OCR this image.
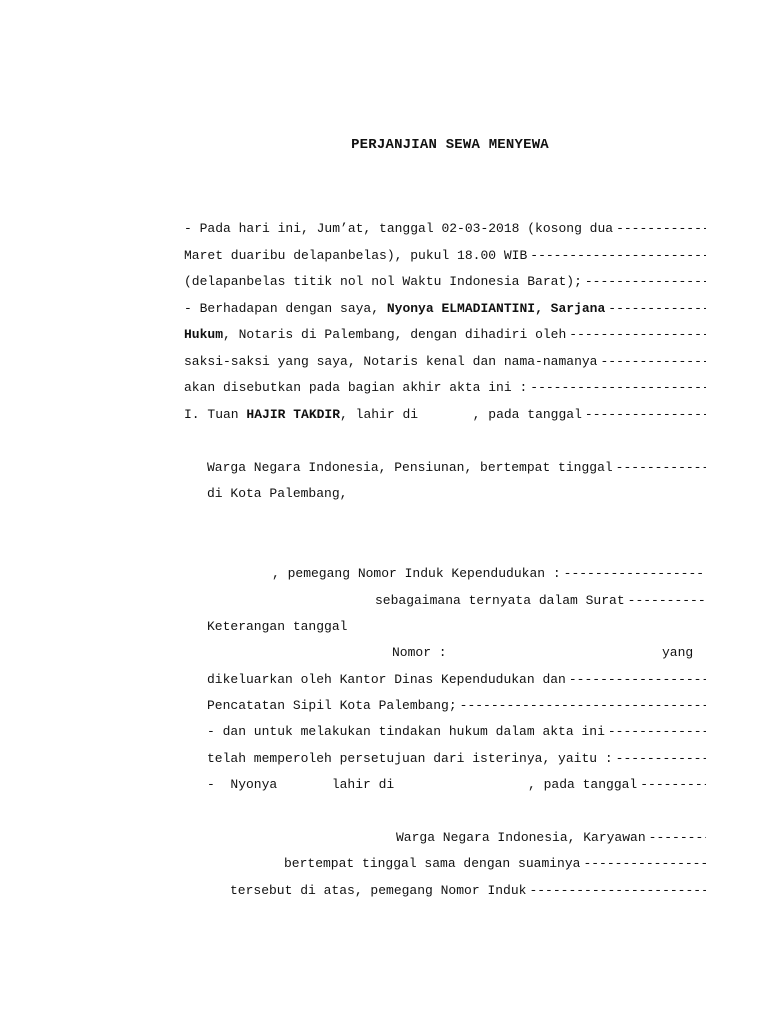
PERJANJIAN SEWA MENYEWA
- Pada hari ini, Jum’at, tanggal 02-03-2018 (kosong dua
-----
Maret duaribu delapanbelas), pukul 18.00 WIB
-----
(delapanbelas titik nol nol Waktu Indonesia Barat);
-----
- Berhadapan dengan saya, Nyonya ELMADIANTINI, Sarjana
-----
Hukum , Notaris di Palembang, dengan dihadiri oleh
-----
saksi-saksi yang saya, Notaris kenal dan nama-namanya
-----
akan disebutkan pada bagian akhir akta ini :
-----
I. Tuan HAJIR TAKDIR , lahir di       , pada tanggal
-----
Warga Negara Indonesia, Pensiunan, bertempat tinggal
-----
di Kota Palembang,
, pemegang Nomor Induk Kependudukan :
-----
sebagaimana ternyata dalam Surat
-----
Keterangan tanggal
Nomor :	yang
dikeluarkan oleh Kantor Dinas Kependudukan dan
-----
Pencatatan Sipil Kota Palembang;
-----
- dan untuk melakukan tindakan hukum dalam akta ini
-----
telah memperoleh persetujuan dari isterinya, yaitu :
-----
-  Nyonya       lahir di	, pada tanggal
-----
Warga Negara Indonesia, Karyawan
-----
bertempat tinggal sama dengan suaminya
-----
tersebut di atas, pemegang Nomor Induk
-----
